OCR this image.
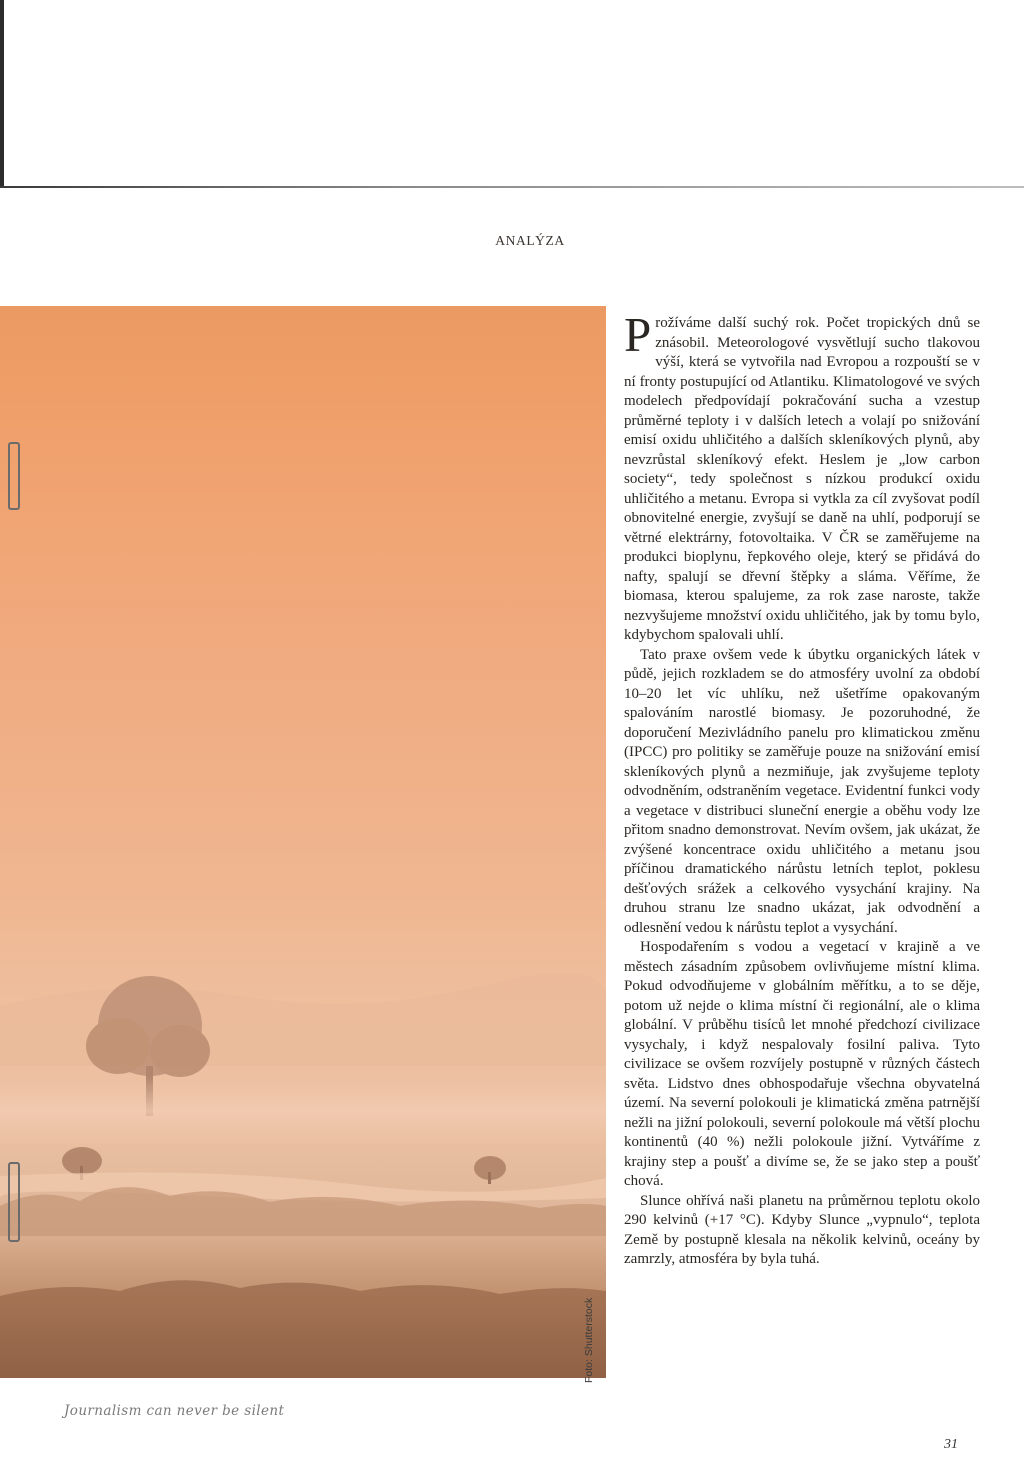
ANALÝZA
Foto: Shutterstock

Prožíváme další suchý rok. Počet tropických dnů se znásobil. Meteorologové vysvětlují sucho tlakovou výší, která se vytvořila nad Evropou a rozpouští se v ní fronty postupující od Atlantiku. Klimatologové ve svých modelech předpovídají pokračování sucha a vzestup průměrné teploty i v dalších letech a volají po snižování emisí oxidu uhličitého a dalších skleníkových plynů, aby nevzrůstal skleníkový efekt. Heslem je „low carbon society“, tedy společnost s nízkou produkcí oxidu uhličitého a metanu. Evropa si vytkla za cíl zvyšovat podíl obnovitelné energie, zvyšují se daně na uhlí, podporují se větrné elektrárny, fotovoltaika. V ČR se zaměřujeme na produkci bioplynu, řepkového oleje, který se přidává do nafty, spalují se dřevní štěpky a sláma. Věříme, že biomasa, kterou spalujeme, za rok zase naroste, takže nezvyšujeme množství oxidu uhličitého, jak by tomu bylo, kdybychom spalovali uhlí.

Tato praxe ovšem vede k úbytku organických látek v půdě, jejich rozkladem se do atmosféry uvolní za období 10–20 let víc uhlíku, než ušetříme opakovaným spalováním narostlé biomasy. Je pozoruhodné, že doporučení Mezivládního panelu pro klimatickou změnu (IPCC) pro politiky se zaměřuje pouze na snižování emisí skleníkových plynů a nezmiňuje, jak zvyšujeme teploty odvodněním, odstraněním vegetace. Evidentní funkci vody a vegetace v distribuci sluneční energie a oběhu vody lze přitom snadno demonstrovat. Nevím ovšem, jak ukázat, že zvýšené koncentrace oxidu uhličitého a metanu jsou příčinou dramatického nárůstu letních teplot, poklesu dešťových srážek a celkového vysychání krajiny. Na druhou stranu lze snadno ukázat, jak odvodnění a odlesnění vedou k nárůstu teplot a vysychání.

Hospodařením s vodou a vegetací v krajině a ve městech zásadním způsobem ovlivňujeme místní klima. Pokud odvodňujeme v globálním měřítku, a to se děje, potom už nejde o klima místní či regionální, ale o klima globální. V průběhu tisíců let mnohé předchozí civilizace vysychaly, i když nespalovaly fosilní paliva. Tyto civilizace se ovšem rozvíjely postupně v různých částech světa. Lidstvo dnes obhospodařuje všechna obyvatelná území. Na severní polokouli je klimatická změna patrnější nežli na jižní polokouli, severní polokoule má větší plochu kontinentů (40 %) nežli polokoule jižní. Vytváříme z krajiny step a poušť a divíme se, že se jako step a poušť chová.

Slunce ohřívá naši planetu na průměrnou teplotu okolo 290 kelvinů (+17 °C). Kdyby Slunce „vypnulo“, teplota Země by postupně klesala na několik kelvinů, oceány by zamrzly, atmosféra by byla tuhá.

Journalism can never be silent
31
